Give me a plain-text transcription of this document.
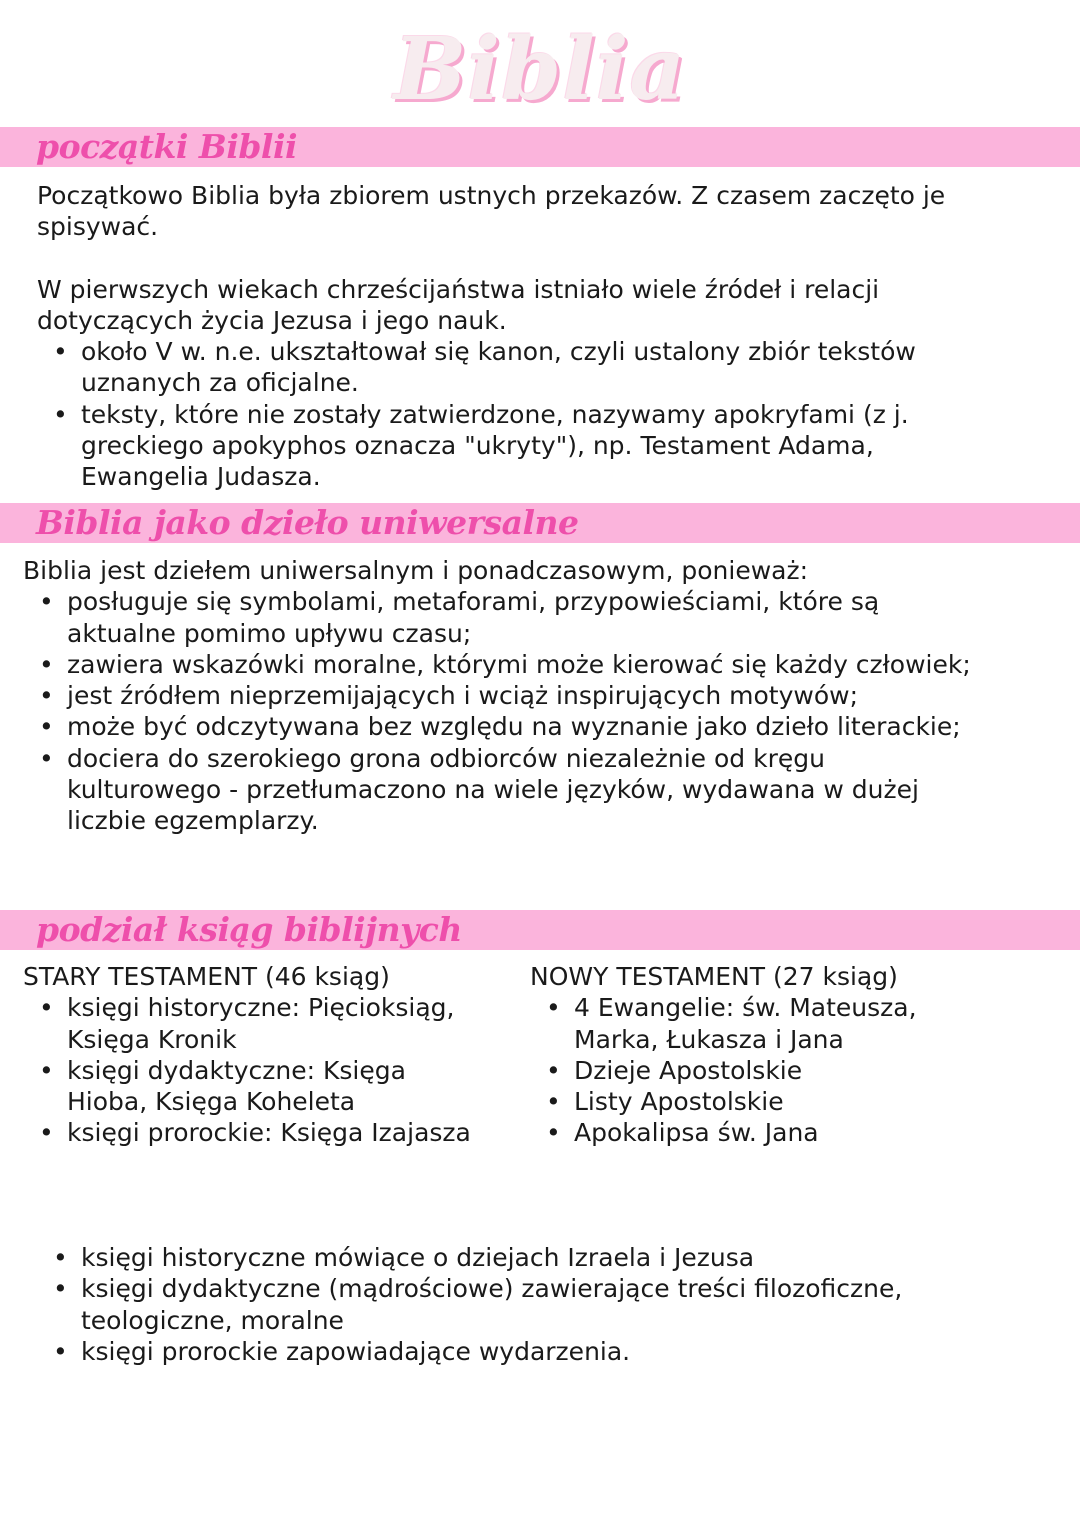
Biblia
początki Biblii

Początkowo Biblia była zbiorem ustnych przekazów. Z czasem zaczęto je spisywać.

W pierwszych wiekach chrześcijaństwa istniało wiele źródeł i relacji dotyczących życia Jezusa i jego nauk.

• około V w. n.e. ukształtował się kanon, czyli ustalony zbiór tekstów uznanych za oficjalne.
• teksty, które nie zostały zatwierdzone, nazywamy apokryfami (z j. greckiego apokyphos oznacza "ukryty"), np. Testament Adama, Ewangelia Judasza.
Biblia jako dzieło uniwersalne

Biblia jest dziełem uniwersalnym i ponadczasowym, ponieważ:

• posługuje się symbolami, metaforami, przypowieściami, które są aktualne pomimo upływu czasu;
• zawiera wskazówki moralne, którymi może kierować się każdy człowiek;
• jest źródłem nieprzemijających i wciąż inspirujących motywów;
• może być odczytywana bez względu na wyznanie jako dzieło literackie;
• dociera do szerokiego grona odbiorców niezależnie od kręgu kulturowego - przetłumaczono na wiele języków, wydawana w dużej liczbie egzemplarzy.
podział ksiąg biblijnych

STARY TESTAMENT (46 ksiąg)

• księgi historyczne: Pięcioksiąg, Księga Kronik
• księgi dydaktyczne: Księga Hioba, Księga Koheleta
• księgi prorockie: Księga Izajasza

NOWY TESTAMENT (27 ksiąg)

• 4 Ewangelie: św. Mateusza, Marka, Łukasza i Jana
• Dzieje Apostolskie
• Listy Apostolskie
• Apokalipsa św. Jana
• księgi historyczne mówiące o dziejach Izraela i Jezusa
• księgi dydaktyczne (mądrościowe) zawierające treści filozoficzne, teologiczne, moralne
• księgi prorockie zapowiadające wydarzenia.
